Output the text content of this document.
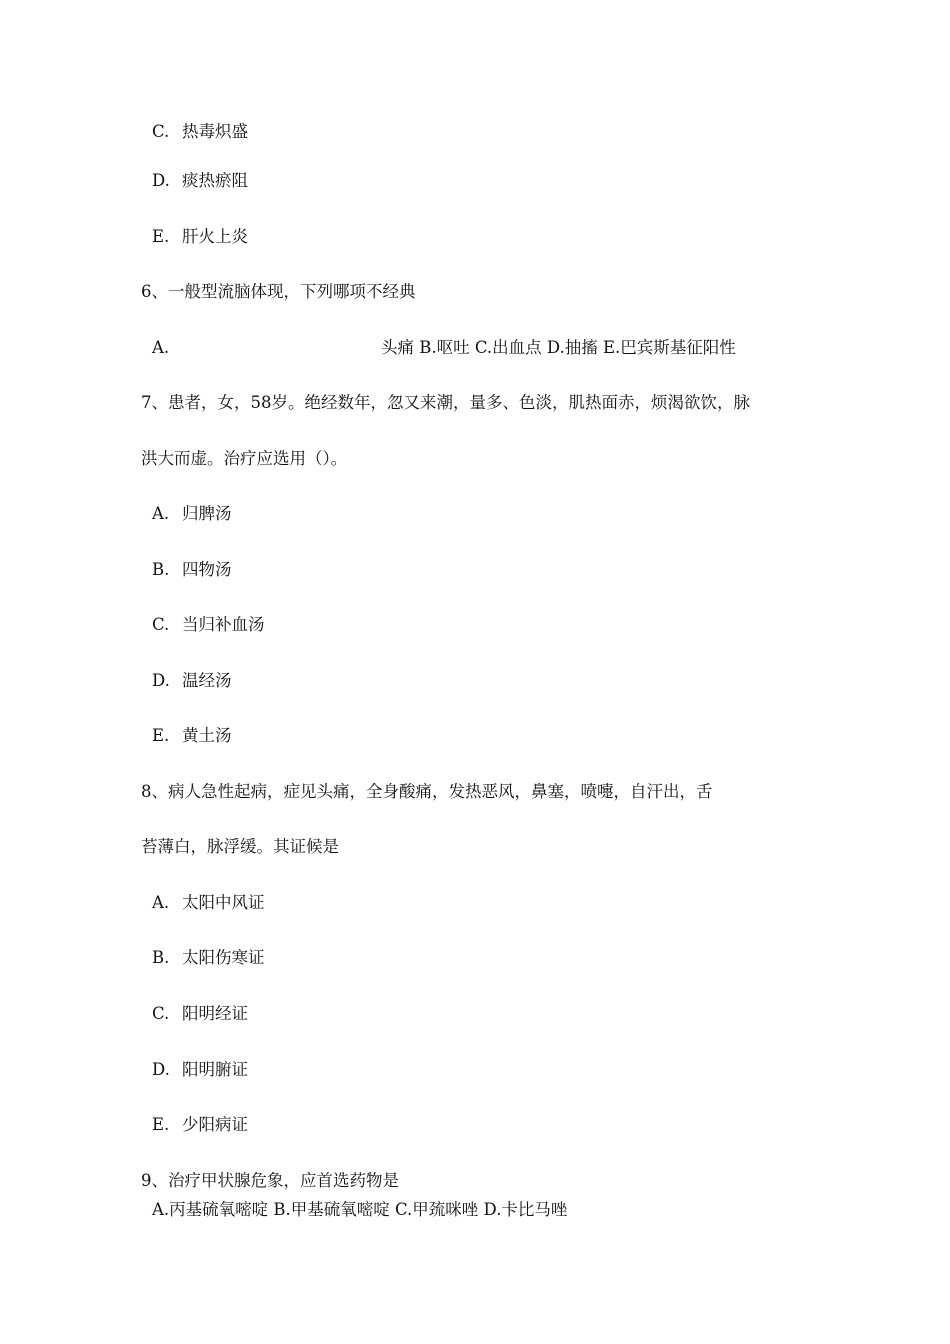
C. 热毒炽盛
D. 痰热瘀阻
E. 肝火上炎
6、一般型流脑体现，下列哪项不经典
A.	头痛 B.呕吐 C.出血点 D.抽搐 E.巴宾斯基征阳性
7、患者，女，58岁。绝经数年，忽又来潮，量多、色淡，肌热面赤，烦渴欲饮，脉
洪大而虚。治疗应选用（）。
A. 归脾汤
B. 四物汤
C. 当归补血汤
D. 温经汤
E. 黄土汤
8、病人急性起病，症见头痛，全身酸痛，发热恶风，鼻塞，喷嚏，自汗出，舌
苔薄白，脉浮缓。其证候是
A. 太阳中风证
B. 太阳伤寒证
C. 阳明经证
D. 阳明腑证
E. 少阳病证
9、治疗甲状腺危象，应首选药物是
A.丙基硫氧嘧啶 B.甲基硫氧嘧啶 C.甲巯咪唑 D.卡比马唑
